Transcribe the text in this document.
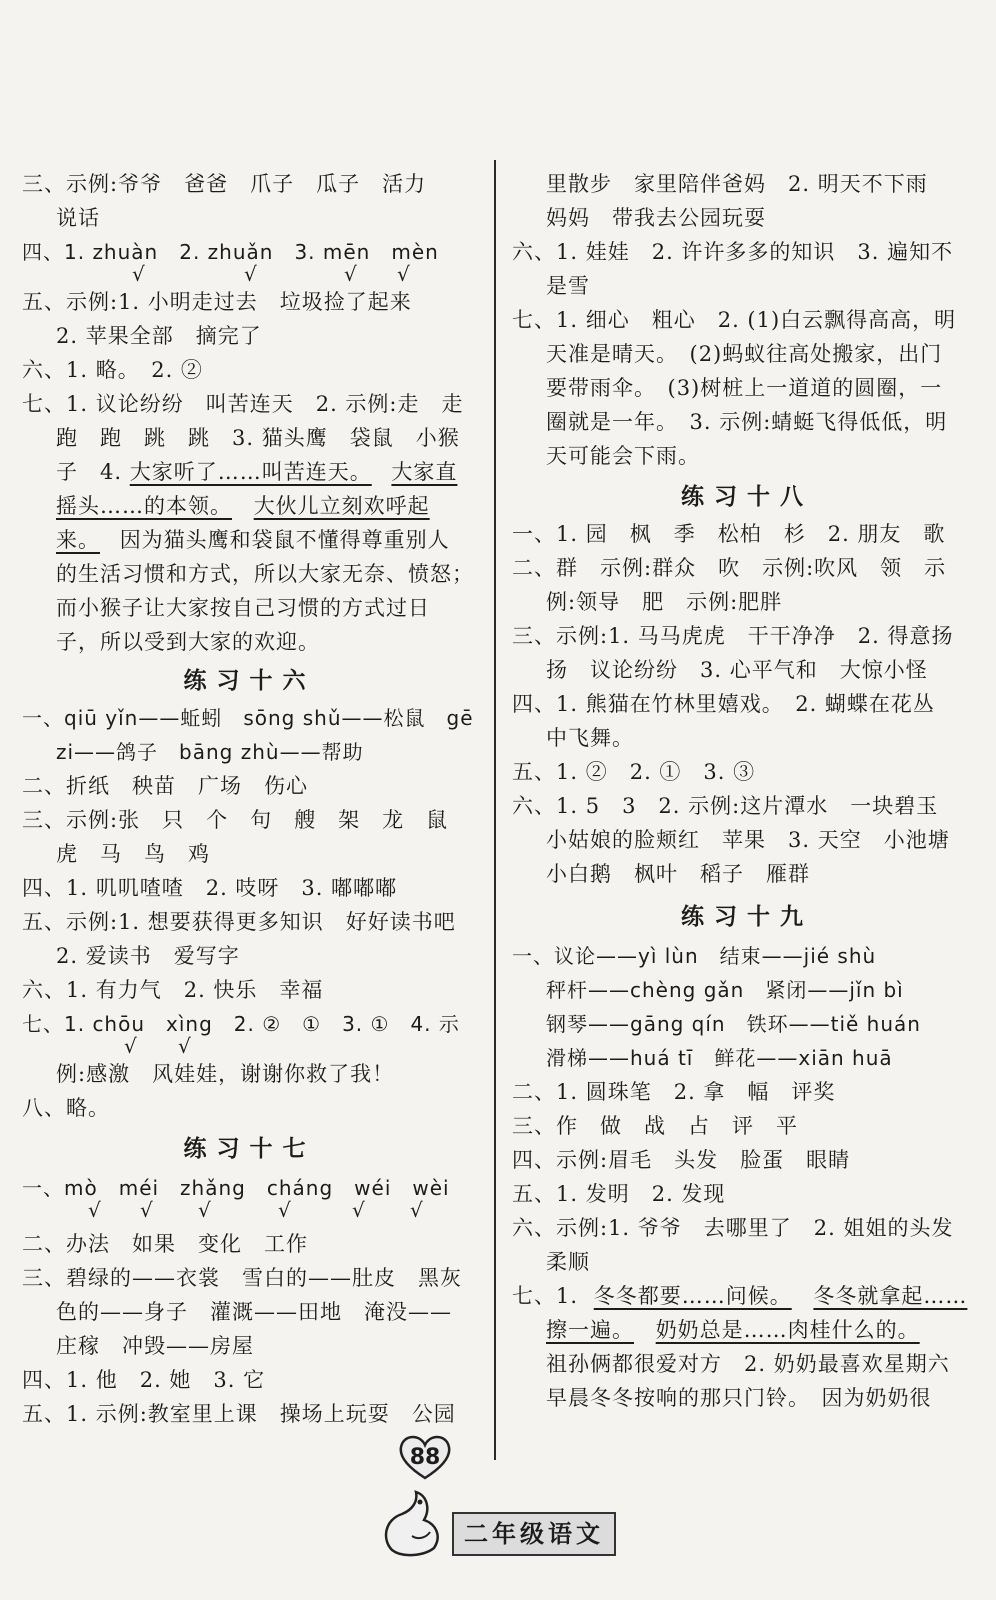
三、示例:爷爷　爸爸　爪子　瓜子　活力
说话
四、1. zhuàn　2. zhuǎn　3. mēn　mèn
√	√	√ √
五、示例:1. 小明走过去　垃圾捡了起来
2. 苹果全部　摘完了
六、1. 略。　2. ②
七、1. 议论纷纷　叫苦连天　2. 示例:走　走
跑　跑　跳　跳　3. 猫头鹰　袋鼠　小猴
子　4. 大家听了……叫苦连天。 大家直
摇头……的本领。 大伙儿立刻欢呼起
来。 因为猫头鹰和袋鼠不懂得尊重别人
的生活习惯和方式，所以大家无奈、愤怒；
而小猴子让大家按自己习惯的方式过日
子，所以受到大家的欢迎。
练习十六
一、qiū yǐn——蚯蚓　sōng shǔ——松鼠　gē
zi——鸽子　bāng zhù——帮助
二、折纸　秧苗　广场　伤心
三、示例:张　只　个　句　艘　架　龙　鼠
虎　马　鸟　鸡
四、1. 叽叽喳喳　2. 吱呀　3. 嘟嘟嘟
五、示例:1. 想要获得更多知识　好好读书吧
2. 爱读书　爱写字
六、1. 有力气　2. 快乐　幸福
七、1. chōu　xìng　2. ②　①　3. ①　4. 示
√ √
例:感激　风娃娃，谢谢你救了我！
八、略。
练习十七
一、mò　méi　zhǎng　cháng　wéi　wèi
√ √ √	√	√ √
二、办法　如果　变化　工作
三、碧绿的——衣裳　雪白的——肚皮　黑灰
色的——身子　灌溉——田地　淹没——
庄稼　冲毁——房屋
四、1. 他　2. 她　3. 它
五、1. 示例:教室里上课　操场上玩耍　公园
里散步　家里陪伴爸妈　2. 明天不下雨
妈妈　带我去公园玩耍
六、1. 娃娃　2. 许许多多的知识　3. 遍知不
是雪
七、1. 细心　粗心　2. (1)白云飘得高高，明
天准是晴天。　(2)蚂蚁往高处搬家，出门
要带雨伞。　(3)树桩上一道道的圆圈，一
圈就是一年。　3. 示例:蜻蜓飞得低低，明
天可能会下雨。
练习十八
一、1. 园　枫　季　松柏　杉　2. 朋友　歌
二、群　示例:群众　吹　示例:吹风　领　示
例:领导　肥　示例:肥胖
三、示例:1. 马马虎虎　干干净净　2. 得意扬
扬　议论纷纷　3. 心平气和　大惊小怪
四、1. 熊猫在竹林里嬉戏。　2. 蝴蝶在花丛
中飞舞。
五、1. ②　2. ①　3. ③
六、1. 5　3　2. 示例:这片潭水　一块碧玉
小姑娘的脸颊红　苹果　3. 天空　小池塘
小白鹅　枫叶　稻子　雁群
练习十九
一、议论——yì lùn　结束——jié shù
秤杆——chèng gǎn　紧闭——jǐn bì
钢琴——gāng qín　铁环——tiě huán
滑梯——huá tī　鲜花——xiān huā
二、1. 圆珠笔　2. 拿　幅　评奖
三、作　做　战　占　评　平
四、示例:眉毛　头发　脸蛋　眼睛
五、1. 发明　2. 发现
六、示例:1. 爷爷　去哪里了　2. 姐姐的头发
柔顺
七、1. 冬冬都要……问候。 冬冬就拿起……
擦一遍。 奶奶总是……肉桂什么的。
祖孙俩都很爱对方　2. 奶奶最喜欢星期六
早晨冬冬按响的那只门铃。　因为奶奶很
88
二年级语文
